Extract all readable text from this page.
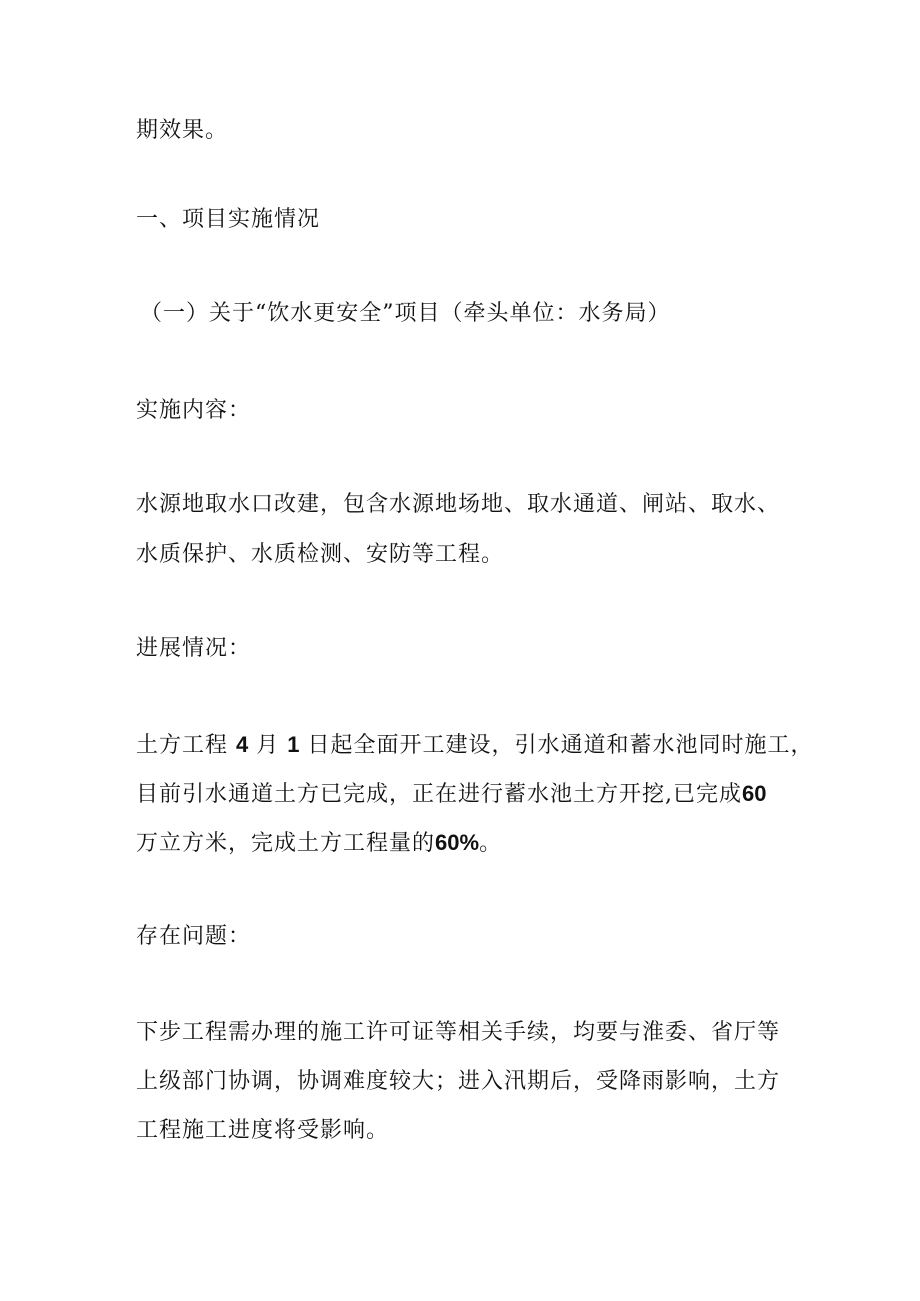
期效果。
一、项目实施情况
（一）关于“饮水更安全”项目（牵头单位：水务局）
实施内容：
水源地取水口改建，包含水源地场地、取水通道、闸站、取水、
水质保护、水质检测、安防等工程。
进展情况：
土方工程 4 月 1 日起全面开工建设，引水通道和蓄水池同时施工，
目前引水通道土方已完成，正在进行蓄水池土方开挖,已完成60
万立方米，完成土方工程量的60%。
存在问题：
下步工程需办理的施工许可证等相关手续，均要与淮委、省厅等
上级部门协调，协调难度较大；进入汛期后，受降雨影响，土方
工程施工进度将受影响。
